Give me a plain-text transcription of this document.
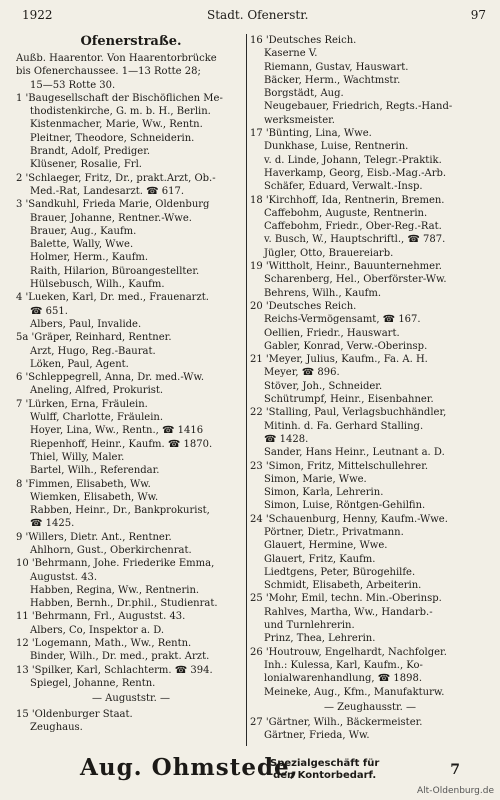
1922	Stadt. Ofenerstr.	97
Ofenerstraße.
Außb. Haarentor. Von Haarentorbrücke
bis Ofenerchaussee. 1—13 Rotte 28;
15—53 Rotte 30.
1 'Baugesellschaft der Bischöflichen Me-
thodistenkirche, G. m. b. H., Berlin.
Kistenmacher, Marie, Ww., Rentn.
Pleitner, Theodore, Schneiderin.
Brandt, Adolf, Prediger.
Klüsener, Rosalie, Frl.
2 'Schlaeger, Fritz, Dr., prakt.Arzt, Ob.-
Med.-Rat, Landesarzt. ☎ 617.
3 'Sandkuhl, Frieda Marie, Oldenburg
Brauer, Johanne, Rentner.-Wwe.
Brauer, Aug., Kaufm.
Balette, Wally, Wwe.
Holmer, Herm., Kaufm.
Raith, Hilarion, Büroangestellter.
Hülsebusch, Wilh., Kaufm.
4 'Lueken, Karl, Dr. med., Frauenarzt.
☎ 651.
Albers, Paul, Invalide.
5a 'Gräper, Reinhard, Rentner.
Arzt, Hugo, Reg.-Baurat.
Löken, Paul, Agent.
6 'Schleppegrell, Anna, Dr. med.-Ww.
Aneling, Alfred, Prokurist.
7 'Lürken, Erna, Fräulein.
Wulff, Charlotte, Fräulein.
Hoyer, Lina, Ww., Rentn., ☎ 1416
Riepenhoff, Heinr., Kaufm. ☎ 1870.
Thiel, Willy, Maler.
Bartel, Wilh., Referendar.
8 'Fimmen, Elisabeth, Ww.
Wiemken, Elisabeth, Ww.
Rabben, Heinr., Dr., Bankprokurist,
☎ 1425.
9 'Willers, Dietr. Ant., Rentner.
Ahlhorn, Gust., Oberkirchenrat.
10 'Behrmann, Johe. Friederike Emma,
Augustst. 43.
Habben, Regina, Ww., Rentnerin.
Habben, Bernh., Dr.phil., Studienrat.
11 'Behrmann, Frl., Augustst. 43.
Albers, Co, Inspektor a. D.
12 'Logemann, Math., Ww., Rentn.
Binder, Wilh., Dr. med., prakt. Arzt.
13 'Spilker, Karl, Schlachterm. ☎ 394.
Spiegel, Johanne, Rentn.
— Auguststr. —
15 'Oldenburger Staat.
Zeughaus.
16 'Deutsches Reich.
Kaserne V.
Riemann, Gustav, Hauswart.
Bäcker, Herm., Wachtmstr.
Borgstädt, Aug.
Neugebauer, Friedrich, Regts.-Hand-
werksmeister.
17 'Bünting, Lina, Wwe.
Dunkhase, Luise, Rentnerin.
v. d. Linde, Johann, Telegr.-Praktik.
Haverkamp, Georg, Eisb.-Mag.-Arb.
Schäfer, Eduard, Verwalt.-Insp.
18 'Kirchhoff, Ida, Rentnerin, Bremen.
Caffebohm, Auguste, Rentnerin.
Caffebohm, Friedr., Ober-Reg.-Rat.
v. Busch, W., Hauptschriftl., ☎ 787.
Jügler, Otto, Brauereiarb.
19 'Wittholt, Heinr., Bauunternehmer.
Scharenberg, Hel., Oberförster-Ww.
Behrens, Wilh., Kaufm.
20 'Deutsches Reich.
Reichs-Vermögensamt, ☎ 167.
Oellien, Friedr., Hauswart.
Gabler, Konrad, Verw.-Oberinsp.
21 'Meyer, Julius, Kaufm., Fa. A. H.
Meyer, ☎ 896.
Stöver, Joh., Schneider.
Schütrumpf, Heinr., Eisenbahner.
22 'Stalling, Paul, Verlagsbuchhändler,
Mitinh. d. Fa. Gerhard Stalling.
☎ 1428.
Sander, Hans Heinr., Leutnant a. D.
23 'Simon, Fritz, Mittelschullehrer.
Simon, Marie, Wwe.
Simon, Karla, Lehrerin.
Simon, Luise, Röntgen-Gehilfin.
24 'Schauenburg, Henny, Kaufm.-Wwe.
Pörtner, Dietr., Privatmann.
Glauert, Hermine, Wwe.
Glauert, Fritz, Kaufm.
Liedtgens, Peter, Bürogehilfe.
Schmidt, Elisabeth, Arbeiterin.
25 'Mohr, Emil, techn. Min.-Oberinsp.
Rahlves, Martha, Ww., Handarb.-
und Turnlehrerin.
Prinz, Thea, Lehrerin.
26 'Houtrouw, Engelhardt, Nachfolger.
Inh.: Kulessa, Karl, Kaufm., Ko-
lonialwarenhandlung, ☎ 1898.
Meineke, Aug., Kfm., Manufakturw.
— Zeughausstr. —
27 'Gärtner, Wilh., Bäckermeister.
Gärtner, Frieda, Ww.
Aug. Ohmstede,
Spezialgeschäft für
den Kontorbedarf.	7
Alt-Oldenburg.de
